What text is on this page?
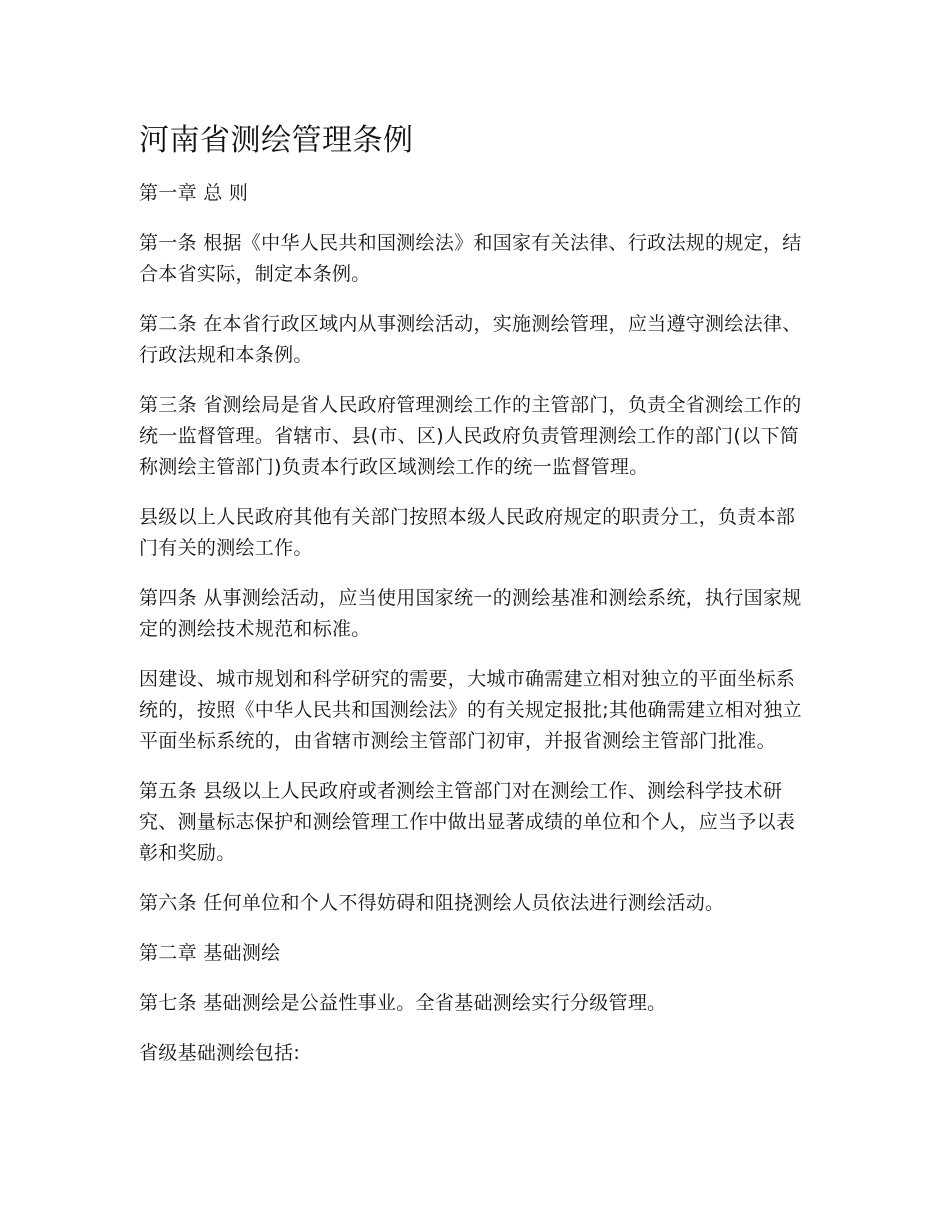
河南省测绘管理条例

第一章 总 则

第一条 根据《中华人民共和国测绘法》和国家有关法律、行政法规的规定，结合本省实际，制定本条例。

第二条 在本省行政区域内从事测绘活动，实施测绘管理，应当遵守测绘法律、行政法规和本条例。

第三条 省测绘局是省人民政府管理测绘工作的主管部门，负责全省测绘工作的统一监督管理。省辖市、县(市、区)人民政府负责管理测绘工作的部门(以下简称测绘主管部门)负责本行政区域测绘工作的统一监督管理。

县级以上人民政府其他有关部门按照本级人民政府规定的职责分工，负责本部门有关的测绘工作。

第四条 从事测绘活动，应当使用国家统一的测绘基准和测绘系统，执行国家规定的测绘技术规范和标准。

因建设、城市规划和科学研究的需要，大城市确需建立相对独立的平面坐标系统的，按照《中华人民共和国测绘法》的有关规定报批;其他确需建立相对独立平面坐标系统的，由省辖市测绘主管部门初审，并报省测绘主管部门批准。

第五条 县级以上人民政府或者测绘主管部门对在测绘工作、测绘科学技术研究、测量标志保护和测绘管理工作中做出显著成绩的单位和个人，应当予以表彰和奖励。

第六条 任何单位和个人不得妨碍和阻挠测绘人员依法进行测绘活动。

第二章 基础测绘

第七条 基础测绘是公益性事业。全省基础测绘实行分级管理。

省级基础测绘包括:
